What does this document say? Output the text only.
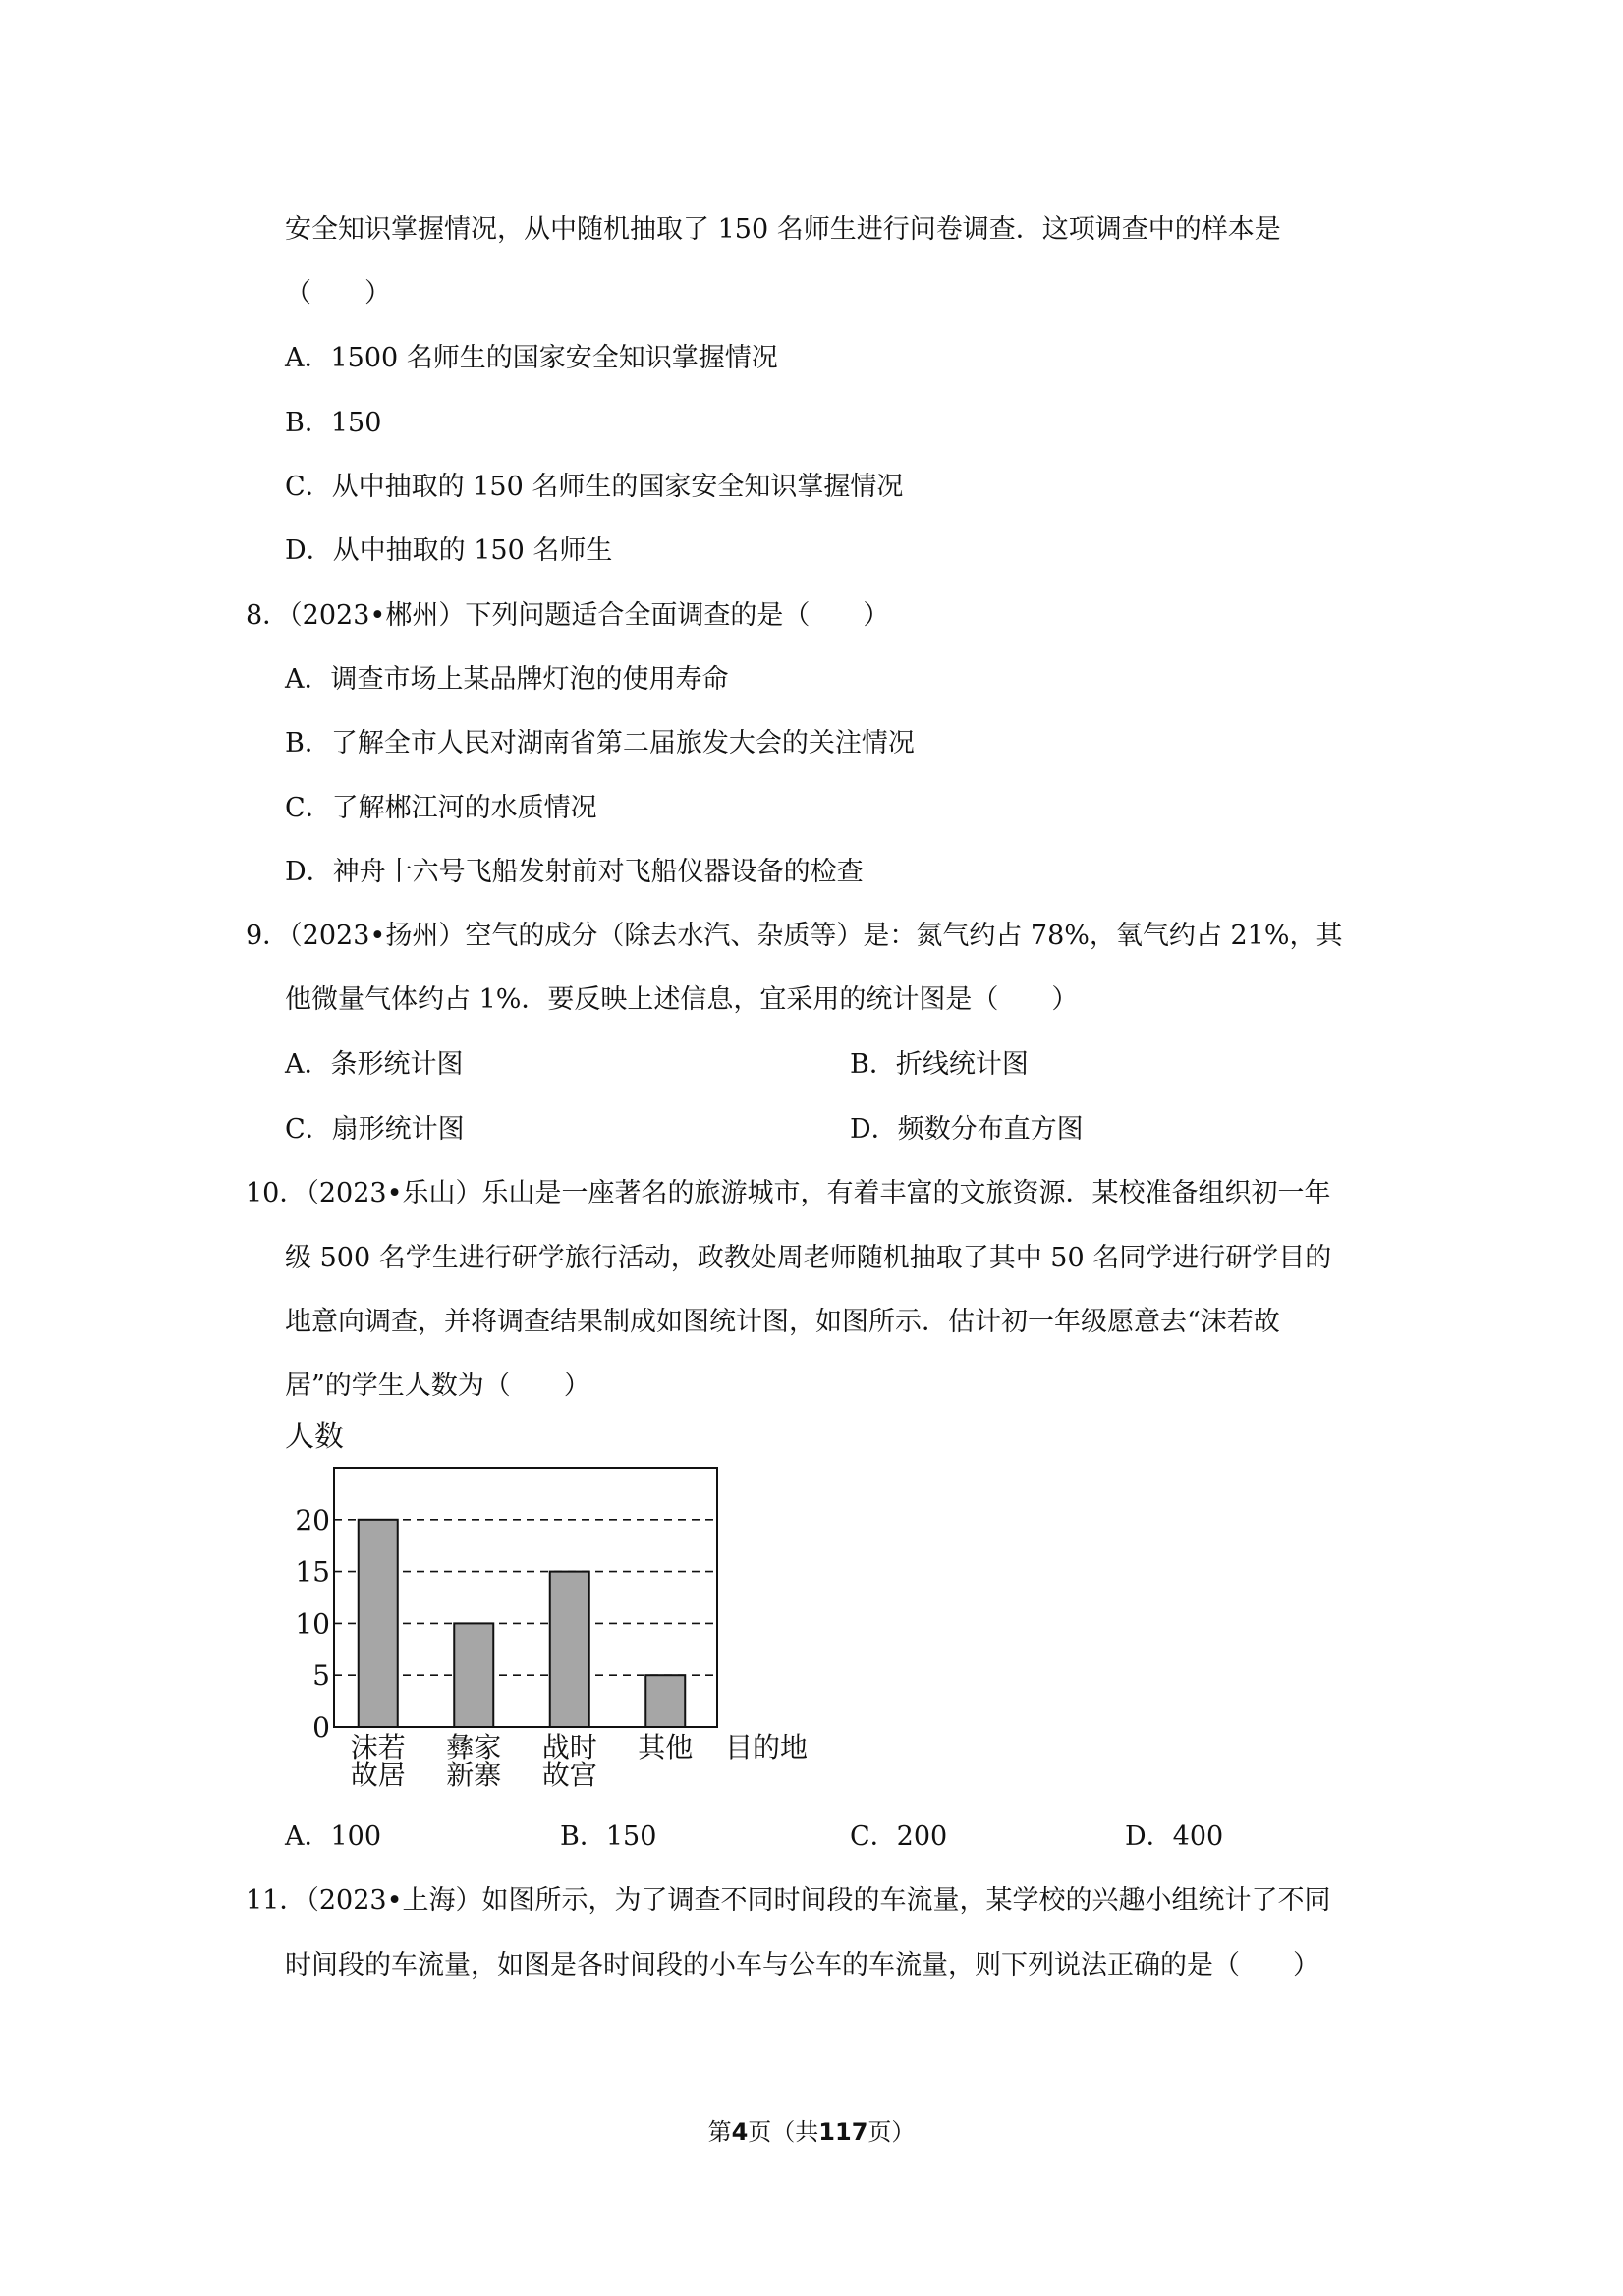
安全知识掌握情况，从中随机抽取了 150 名师生进行问卷调查．这项调查中的样本是
（　　）
A．1500 名师生的国家安全知识掌握情况
B．150
C．从中抽取的 150 名师生的国家安全知识掌握情况
D．从中抽取的 150 名师生
8．（2023•郴州）下列问题适合全面调查的是（　　）
A．调查市场上某品牌灯泡的使用寿命
B．了解全市人民对湖南省第二届旅发大会的关注情况
C．了解郴江河的水质情况
D．神舟十六号飞船发射前对飞船仪器设备的检查
9．（2023•扬州）空气的成分（除去水汽、杂质等）是：氮气约占 78%，氧气约占 21%，其
他微量气体约占 1%．要反映上述信息，宜采用的统计图是（　　）
A．条形统计图	B．折线统计图
C．扇形统计图	D．频数分布直方图
10．（2023•乐山）乐山是一座著名的旅游城市，有着丰富的文旅资源．某校准备组织初一年
级 500 名学生进行研学旅行活动，政教处周老师随机抽取了其中 50 名同学进行研学目的
地意向调查，并将调查结果制成如图统计图，如图所示．估计初一年级愿意去“沫若故
居”的学生人数为（　　）
人数
0
5
10
15
20
沫若
故居
彝家
新寨
战时
故宫
其他 目的地
A．100	B．150	C．200	D．400
11．（2023•上海）如图所示，为了调查不同时间段的车流量，某学校的兴趣小组统计了不同
时间段的车流量，如图是各时间段的小车与公车的车流量，则下列说法正确的是（　　）
第4页（共117页）
